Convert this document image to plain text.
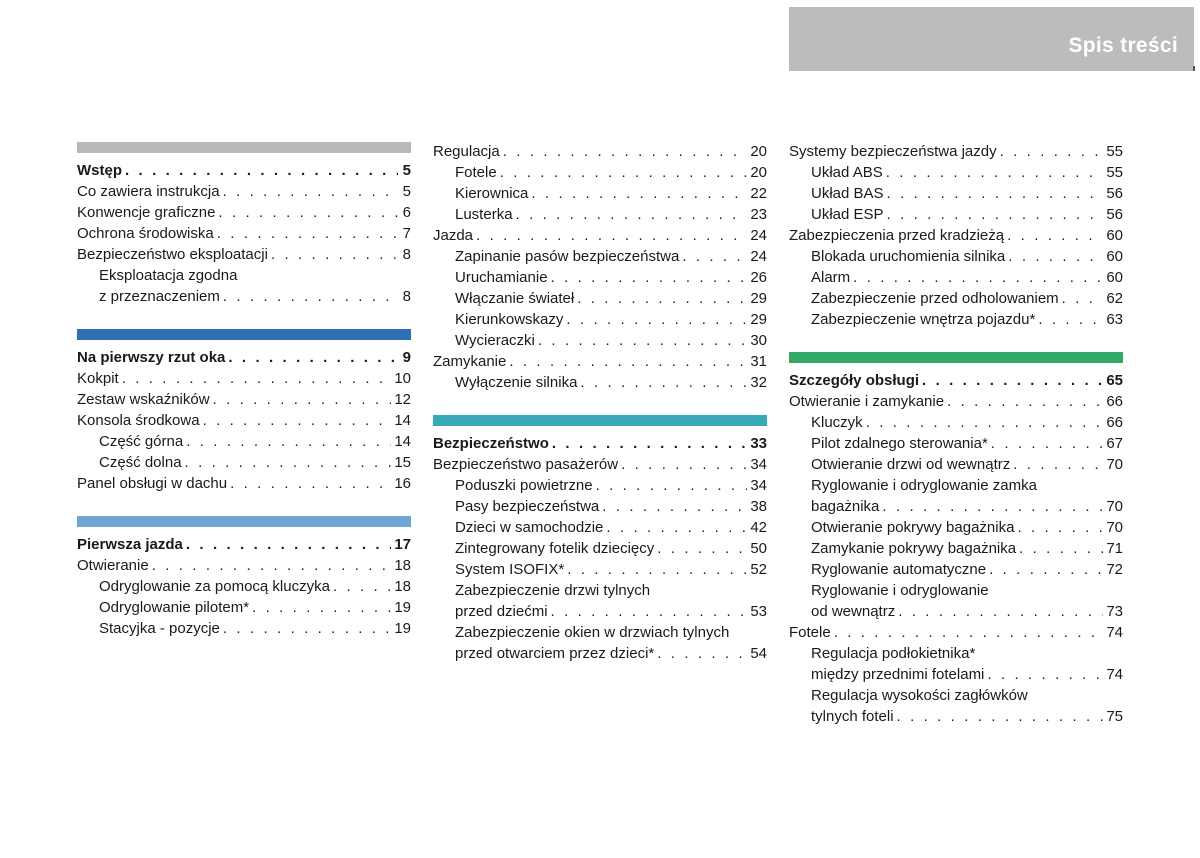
Spis treści
Wstęp . . .	5
Co zawiera instrukcja . . .	5
Konwencje graficzne . . .	6
Ochrona środowiska . . .	7
Bezpieczeństwo eksploatacji . . .	8
Eksploatacja zgodna
z przeznaczeniem . . .	8
Na pierwszy rzut oka . . .	9
Kokpit . . .	10
Zestaw wskaźników . . .	12
Konsola środkowa . . .	14
Część górna . . .	14
Część dolna . . .	15
Panel obsługi w dachu . . .	16
Pierwsza jazda . . .	17
Otwieranie . . .	18
Odryglowanie za pomocą kluczyka . . .	18
Odryglowanie pilotem* . . .	19
Stacyjka - pozycje . . .	19
Regulacja . . .	20
Fotele . . .	20
Kierownica . . .	22
Lusterka . . .	23
Jazda . . .	24
Zapinanie pasów bezpieczeństwa . . .	24
Uruchamianie . . .	26
Włączanie świateł . . .	29
Kierunkowskazy . . .	29
Wycieraczki . . .	30
Zamykanie . . .	31
Wyłączenie silnika . . .	32
Bezpieczeństwo . . .	33
Bezpieczeństwo pasażerów . . .	34
Poduszki powietrzne . . .	34
Pasy bezpieczeństwa . . .	38
Dzieci w samochodzie . . .	42
Zintegrowany fotelik dziecięcy . . .	50
System ISOFIX* . . .	52
Zabezpieczenie drzwi tylnych
przed dziećmi . . .	53
Zabezpieczenie okien w drzwiach tylnych
przed otwarciem przez dzieci* . . .	54
Systemy bezpieczeństwa jazdy . . .	55
Układ ABS . . .	55
Układ BAS . . .	56
Układ ESP . . .	56
Zabezpieczenia przed kradzieżą . . .	60
Blokada uruchomienia silnika . . .	60
Alarm . . .	60
Zabezpieczenie przed odholowaniem . . .	62
Zabezpieczenie wnętrza pojazdu* . . .	63
Szczegóły obsługi . . .	65
Otwieranie i zamykanie . . .	66
Kluczyk . . .	66
Pilot zdalnego sterowania* . . .	67
Otwieranie drzwi od wewnątrz . . .	70
Ryglowanie i odryglowanie zamka
bagażnika . . .	70
Otwieranie pokrywy bagażnika . . .	70
Zamykanie pokrywy bagażnika . . .	71
Ryglowanie automatyczne . . .	72
Ryglowanie i odryglowanie
od wewnątrz . . .	73
Fotele . . .	74
Regulacja podłokietnika*
między przednimi fotelami . . .	74
Regulacja wysokości zagłówków
tylnych foteli . . .	75
